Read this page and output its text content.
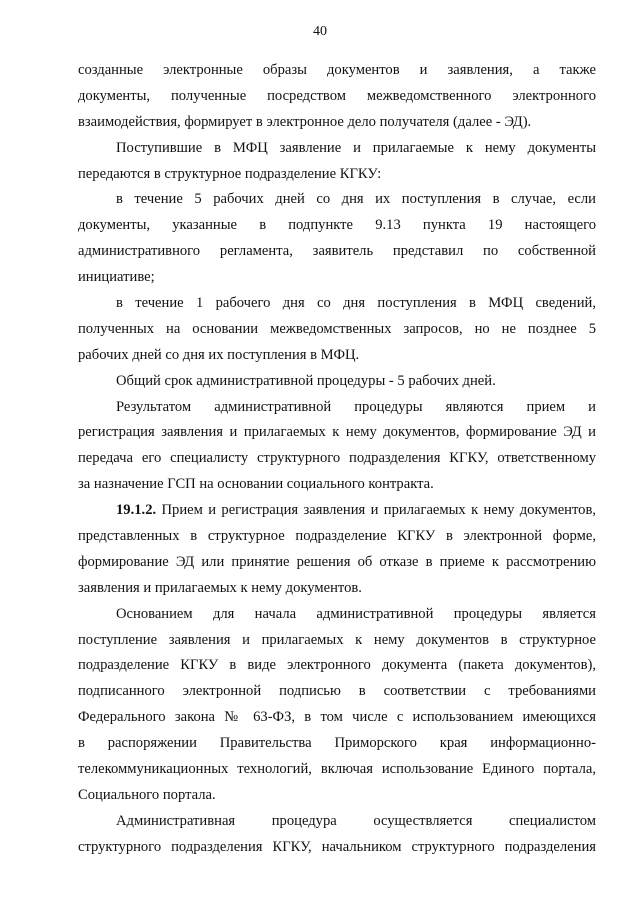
40
созданные электронные образы документов и заявления, а также
документы, полученные посредством межведомственного электронного
взаимодействия, формирует в электронное дело получателя (далее - ЭД).
Поступившие в МФЦ заявление и прилагаемые к нему документы
передаются в структурное подразделение КГКУ:
в течение 5 рабочих дней со дня их поступления в случае, если
документы, указанные в подпункте 9.13 пункта 19 настоящего
административного регламента, заявитель представил по собственной
инициативе;
в течение 1 рабочего дня со дня поступления в МФЦ сведений,
полученных на основании межведомственных запросов, но не позднее 5
рабочих дней со дня их поступления в МФЦ.
Общий срок административной процедуры - 5 рабочих дней.
Результатом административной процедуры являются прием и
регистрация заявления и прилагаемых к нему документов, формирование ЭД и
передача его специалисту структурного подразделения КГКУ, ответственному
за назначение ГСП на основании социального контракта.
19.1.2. Прием и регистрация заявления и прилагаемых к нему документов,
представленных в структурное подразделение КГКУ в электронной форме,
формирование ЭД или принятие решения об отказе в приеме к рассмотрению
заявления и прилагаемых к нему документов.
Основанием для начала административной процедуры является
поступление заявления и прилагаемых к нему документов в структурное
подразделение КГКУ в виде электронного документа (пакета документов),
подписанного электронной подписью в соответствии с требованиями
Федерального закона № 63-ФЗ, в том числе с использованием имеющихся
в распоряжении Правительства Приморского края информационно-
телекоммуникационных технологий, включая использование Единого портала,
Социального портала.
Административная процедура осуществляется специалистом
структурного подразделения КГКУ, начальником структурного подразделения
